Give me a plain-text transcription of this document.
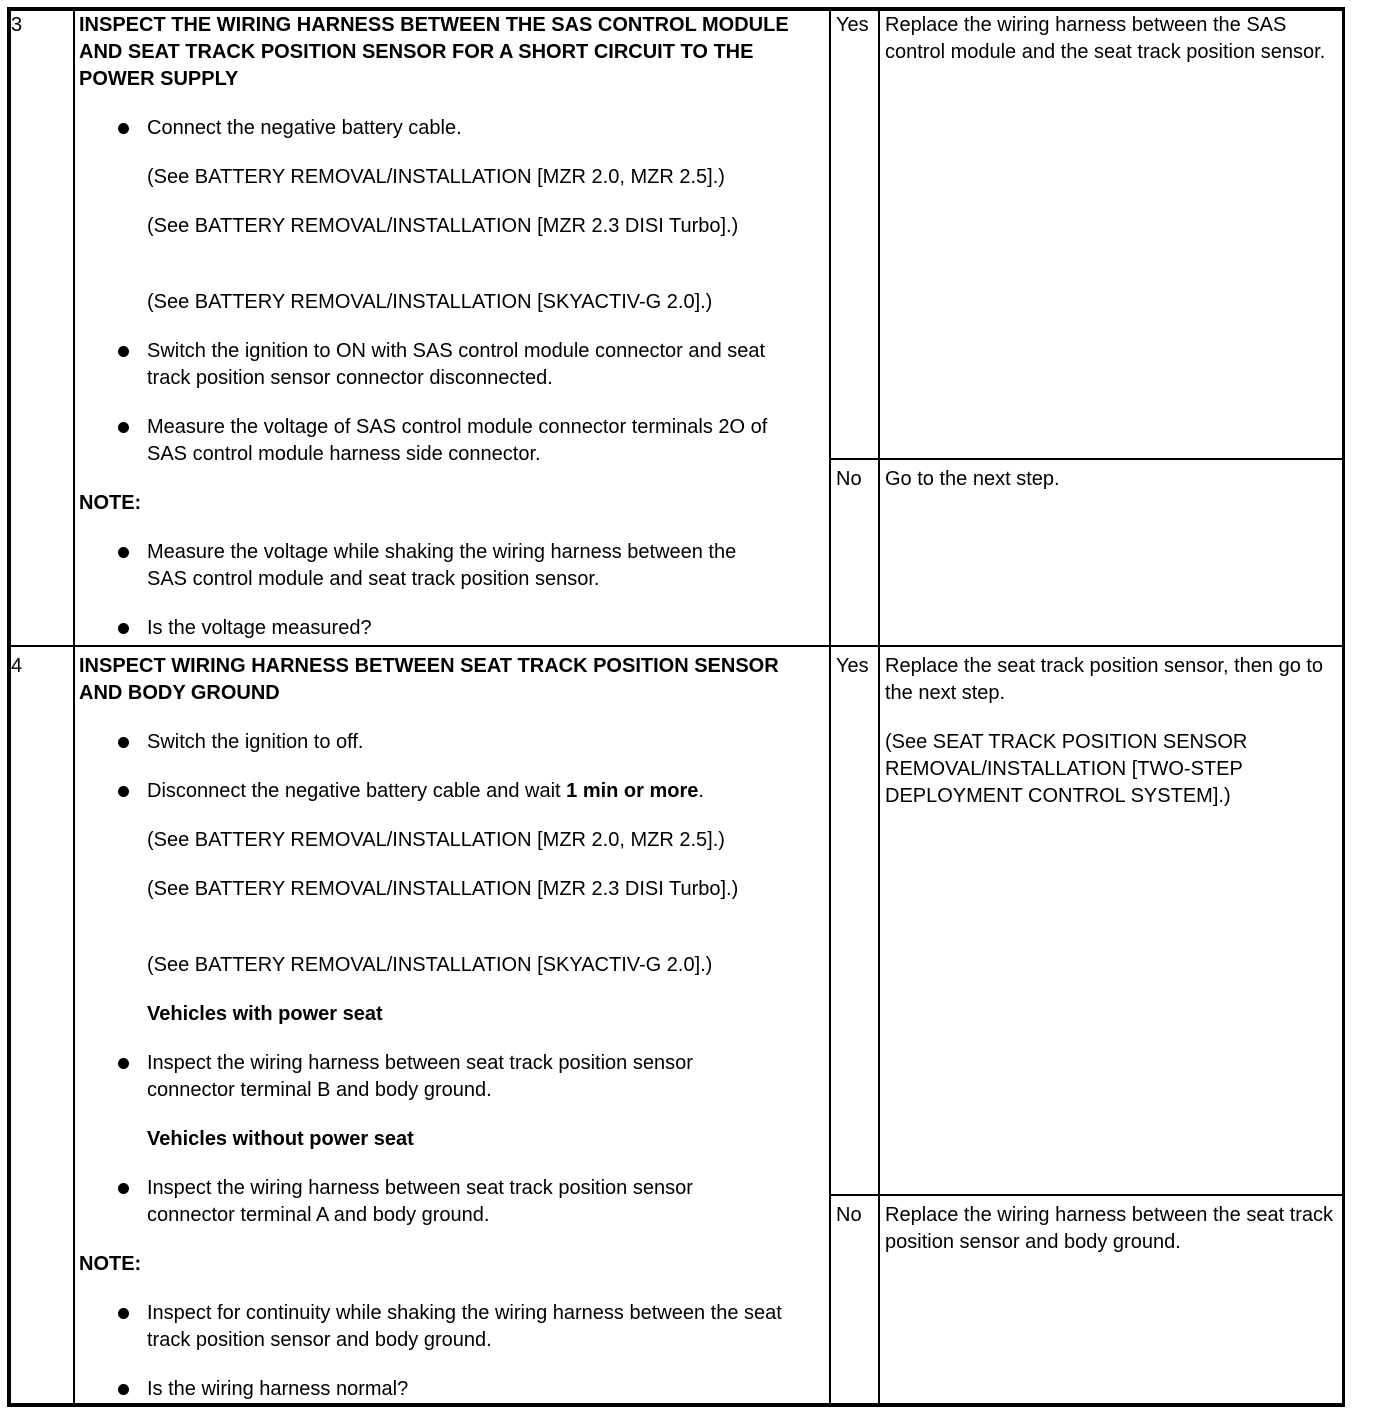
3	INSPECT THE WIRING HARNESS BETWEEN THE SAS CONTROL MODULE AND SEAT TRACK POSITION SENSOR FOR A SHORT CIRCUIT TO THE POWER SUPPLY
Connect the negative battery cable.
(See BATTERY REMOVAL/INSTALLATION [MZR 2.0, MZR 2.5].)
(See BATTERY REMOVAL/INSTALLATION [MZR 2.3 DISI Turbo].)
(See BATTERY REMOVAL/INSTALLATION [SKYACTIV-G 2.0].)
Switch the ignition to ON with SAS control module connector and seat track position sensor connector disconnected.
Measure the voltage of SAS control module connector terminals 2O of SAS control module harness side connector.
NOTE:
Measure the voltage while shaking the wiring harness between the SAS control module and seat track position sensor.
Is the voltage measured?
Yes Replace the wiring harness between the SAS control module and the seat track position sensor.
No Go to the next step.
4	INSPECT WIRING HARNESS BETWEEN SEAT TRACK POSITION SENSOR AND BODY GROUND
Switch the ignition to off.
Disconnect the negative battery cable and wait 1 min or more.
(See BATTERY REMOVAL/INSTALLATION [MZR 2.0, MZR 2.5].)
(See BATTERY REMOVAL/INSTALLATION [MZR 2.3 DISI Turbo].)
(See BATTERY REMOVAL/INSTALLATION [SKYACTIV-G 2.0].)
Vehicles with power seat
Inspect the wiring harness between seat track position sensor connector terminal B and body ground.
Vehicles without power seat
Inspect the wiring harness between seat track position sensor connector terminal A and body ground.
NOTE:
Inspect for continuity while shaking the wiring harness between the seat track position sensor and body ground.
Is the wiring harness normal?
Yes Replace the seat track position sensor, then go to the next step.
(See SEAT TRACK POSITION SENSOR REMOVAL/INSTALLATION [TWO-STEP DEPLOYMENT CONTROL SYSTEM].)
No Replace the wiring harness between the seat track position sensor and body ground.
